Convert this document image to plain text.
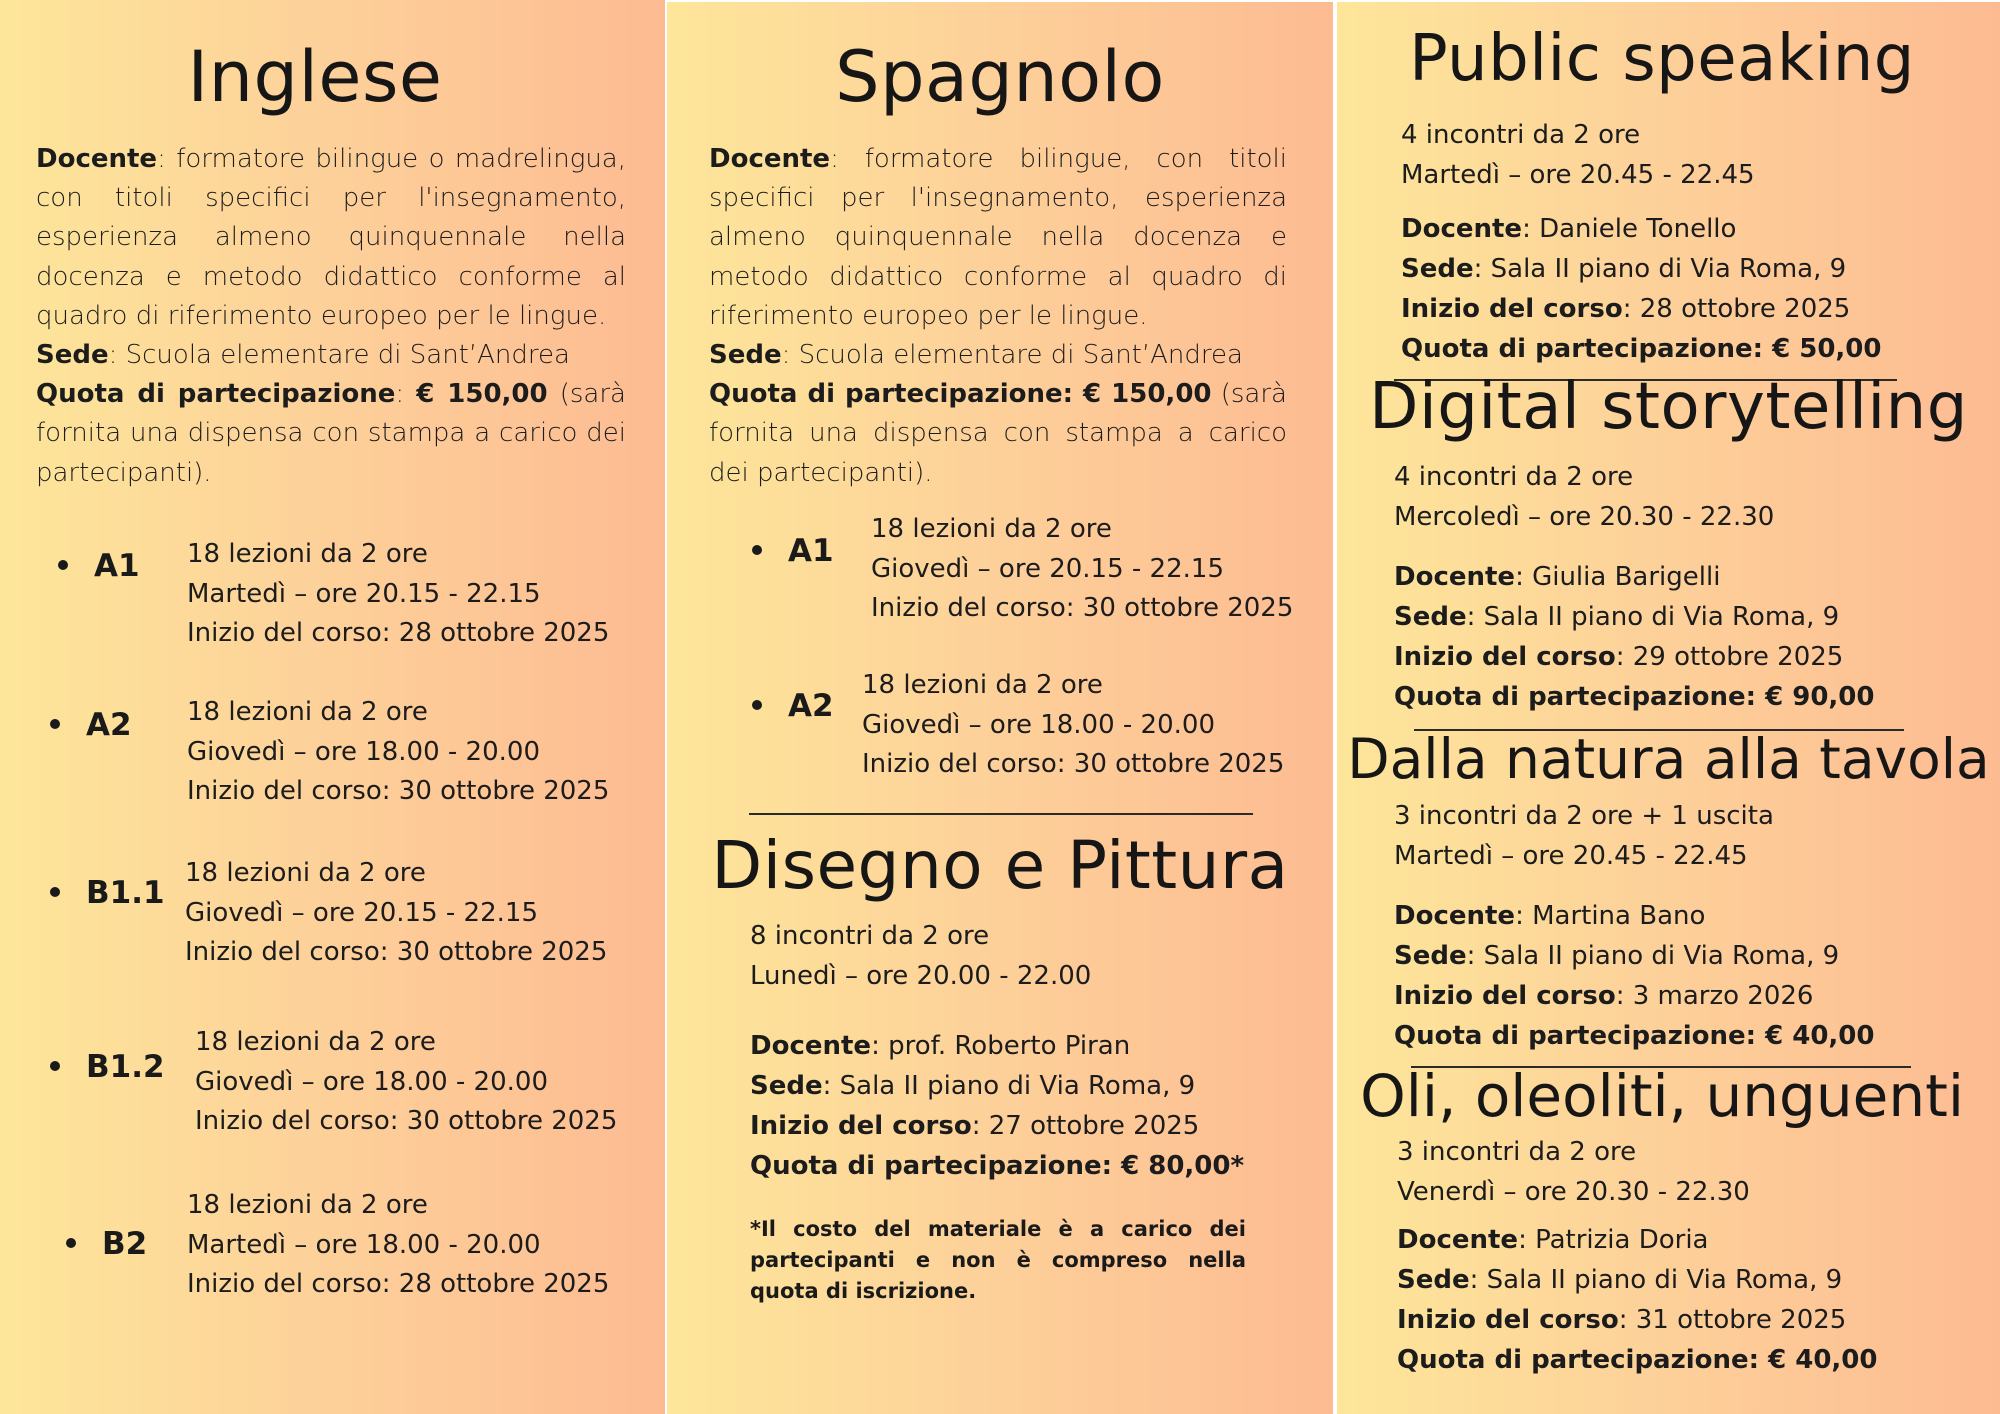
Inglese

Docente: formatore bilingue o madrelingua, con titoli specifici per l'insegnamento, esperienza almeno quinquennale nella docenza e metodo didattico conforme al quadro di riferimento europeo per le lingue.
Sede: Scuola elementare di Sant’Andrea
Quota di partecipazione: € 150,00 (sarà fornita una dispensa con stampa a carico dei partecipanti).

A1 18 lezioni da 2 ore
Martedì – ore 20.15 - 22.15
Inizio del corso: 28 ottobre 2025
A2 18 lezioni da 2 ore
Giovedì – ore 18.00 - 20.00
Inizio del corso: 30 ottobre 2025
B1.1
18 lezioni da 2 ore
Giovedì – ore 20.15 - 22.15
Inizio del corso: 30 ottobre 2025
B1.2
18 lezioni da 2 ore
Giovedì – ore 18.00 - 20.00
Inizio del corso: 30 ottobre 2025
B2
18 lezioni da 2 ore
Martedì – ore 18.00 - 20.00
Inizio del corso: 28 ottobre 2025
Spagnolo

Docente: formatore bilingue, con titoli specifici per l'insegnamento, esperienza almeno quinquennale nella docenza e metodo didattico conforme al quadro di riferimento europeo per le lingue.
Sede: Scuola elementare di Sant’Andrea
Quota di partecipazione: € 150,00 (sarà fornita una dispensa con stampa a carico dei partecipanti).

A1
18 lezioni da 2 ore
Giovedì – ore 20.15 - 22.15
Inizio del corso: 30 ottobre 2025
A2
18 lezioni da 2 ore
Giovedì – ore 18.00 - 20.00
Inizio del corso: 30 ottobre 2025
Disegno e Pittura
8 incontri da 2 ore
Lunedì – ore 20.00 - 22.00
Docente: prof. Roberto Piran
Sede: Sala II piano di Via Roma, 9
Inizio del corso: 27 ottobre 2025
Quota di partecipazione: € 80,00*

*Il costo del materiale è a carico dei partecipanti e non è compreso nella quota di iscrizione.

Public speaking
4 incontri da 2 ore
Martedì – ore 20.45 - 22.45
Docente: Daniele Tonello
Sede: Sala II piano di Via Roma, 9
Inizio del corso: 28 ottobre 2025
Quota di partecipazione: € 50,00
Digital storytelling
4 incontri da 2 ore
Mercoledì – ore 20.30 - 22.30
Docente: Giulia Barigelli
Sede: Sala II piano di Via Roma, 9
Inizio del corso: 29 ottobre 2025
Quota di partecipazione: € 90,00
Dalla natura alla tavola
3 incontri da 2 ore + 1 uscita
Martedì – ore 20.45 - 22.45
Docente: Martina Bano
Sede: Sala II piano di Via Roma, 9
Inizio del corso: 3 marzo 2026
Quota di partecipazione: € 40,00
Oli, oleoliti, unguenti
3 incontri da 2 ore
Venerdì – ore 20.30 - 22.30
Docente: Patrizia Doria
Sede: Sala II piano di Via Roma, 9
Inizio del corso: 31 ottobre 2025
Quota di partecipazione: € 40,00
